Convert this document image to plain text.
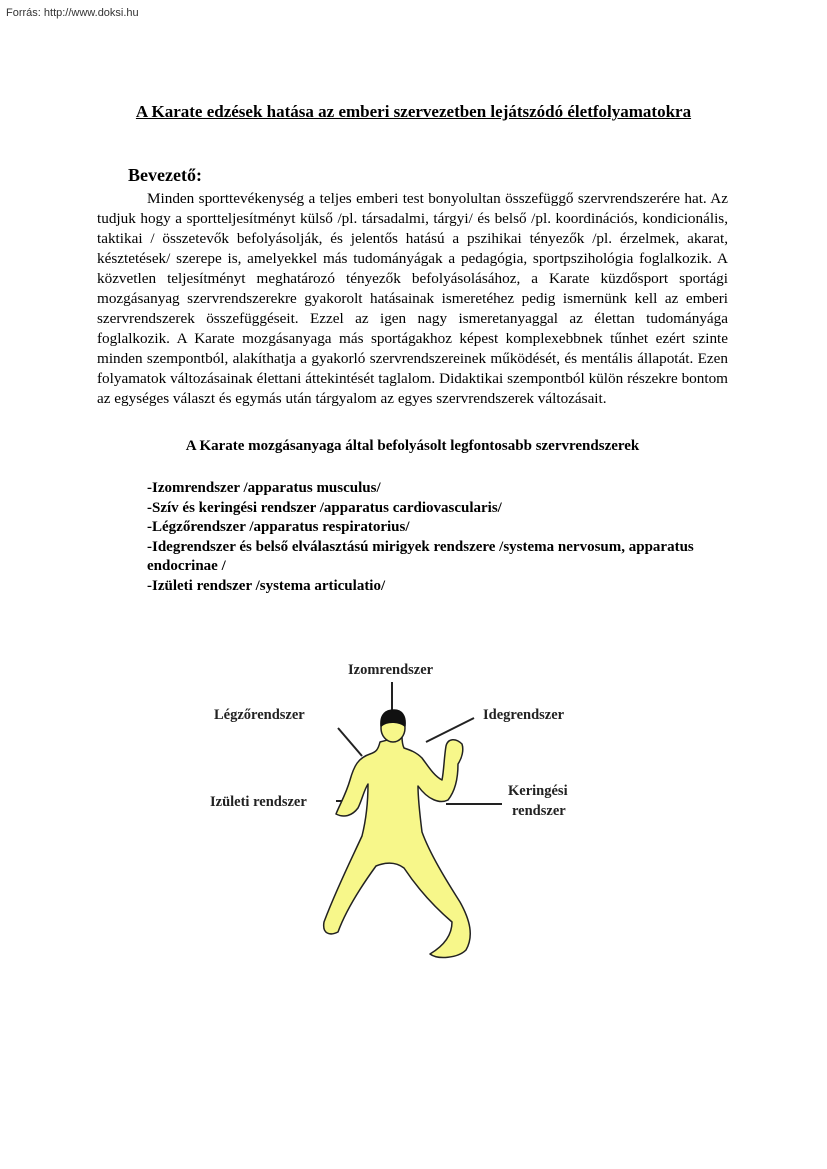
Forrás: http://www.doksi.hu
A Karate edzések hatása az emberi szervezetben lejátszódó életfolyamatokra
Bevezető:

Minden sporttevékenység a teljes emberi test bonyolultan összefüggő szervrendszerére hat. Az tudjuk hogy a sportteljesítményt külső /pl. társadalmi, tárgyi/ és belső /pl. koordinációs, kondicionális, taktikai / összetevők befolyásolják, és jelentős hatású a pszihikai tényezők /pl. érzelmek, akarat, késztetések/ szerepe is, amelyekkel más tudományágak a pedagógia, sportpszihológia foglalkozik. A közvetlen teljesítményt meghatározó tényezők befolyásolásához, a Karate küzdősport sportági mozgásanyag szervrendszerekre gyakorolt hatásainak ismeretéhez pedig ismernünk kell az emberi szervrendszerek összefüggéseit. Ezzel az igen nagy ismeretanyaggal az élettan tudományága foglalkozik. A Karate mozgásanyaga más sportágakhoz képest komplexebbnek tűnhet ezért szinte minden szempontból, alakíthatja a gyakorló szervrendszereinek működését, és mentális állapotát. Ezen folyamatok változásainak élettani áttekintését taglalom. Didaktikai szempontból külön részekre bontom az egységes választ és egymás után tárgyalom az egyes szervrendszerek változásait.

A Karate mozgásanyaga által befolyásolt legfontosabb szervrendszerek
-Izomrendszer /apparatus musculus/
-Szív és keringési rendszer /apparatus cardiovascularis/
-Légzőrendszer /apparatus respiratorius/
-Idegrendszer és belső elválasztású mirigyek rendszere /systema nervosum, apparatus endocrinae /
-Izületi rendszer /systema articulatio/
Izomrendszer
Légzőrendszer	Idegrendszer
Izületi rendszer
Keringési
rendszer
